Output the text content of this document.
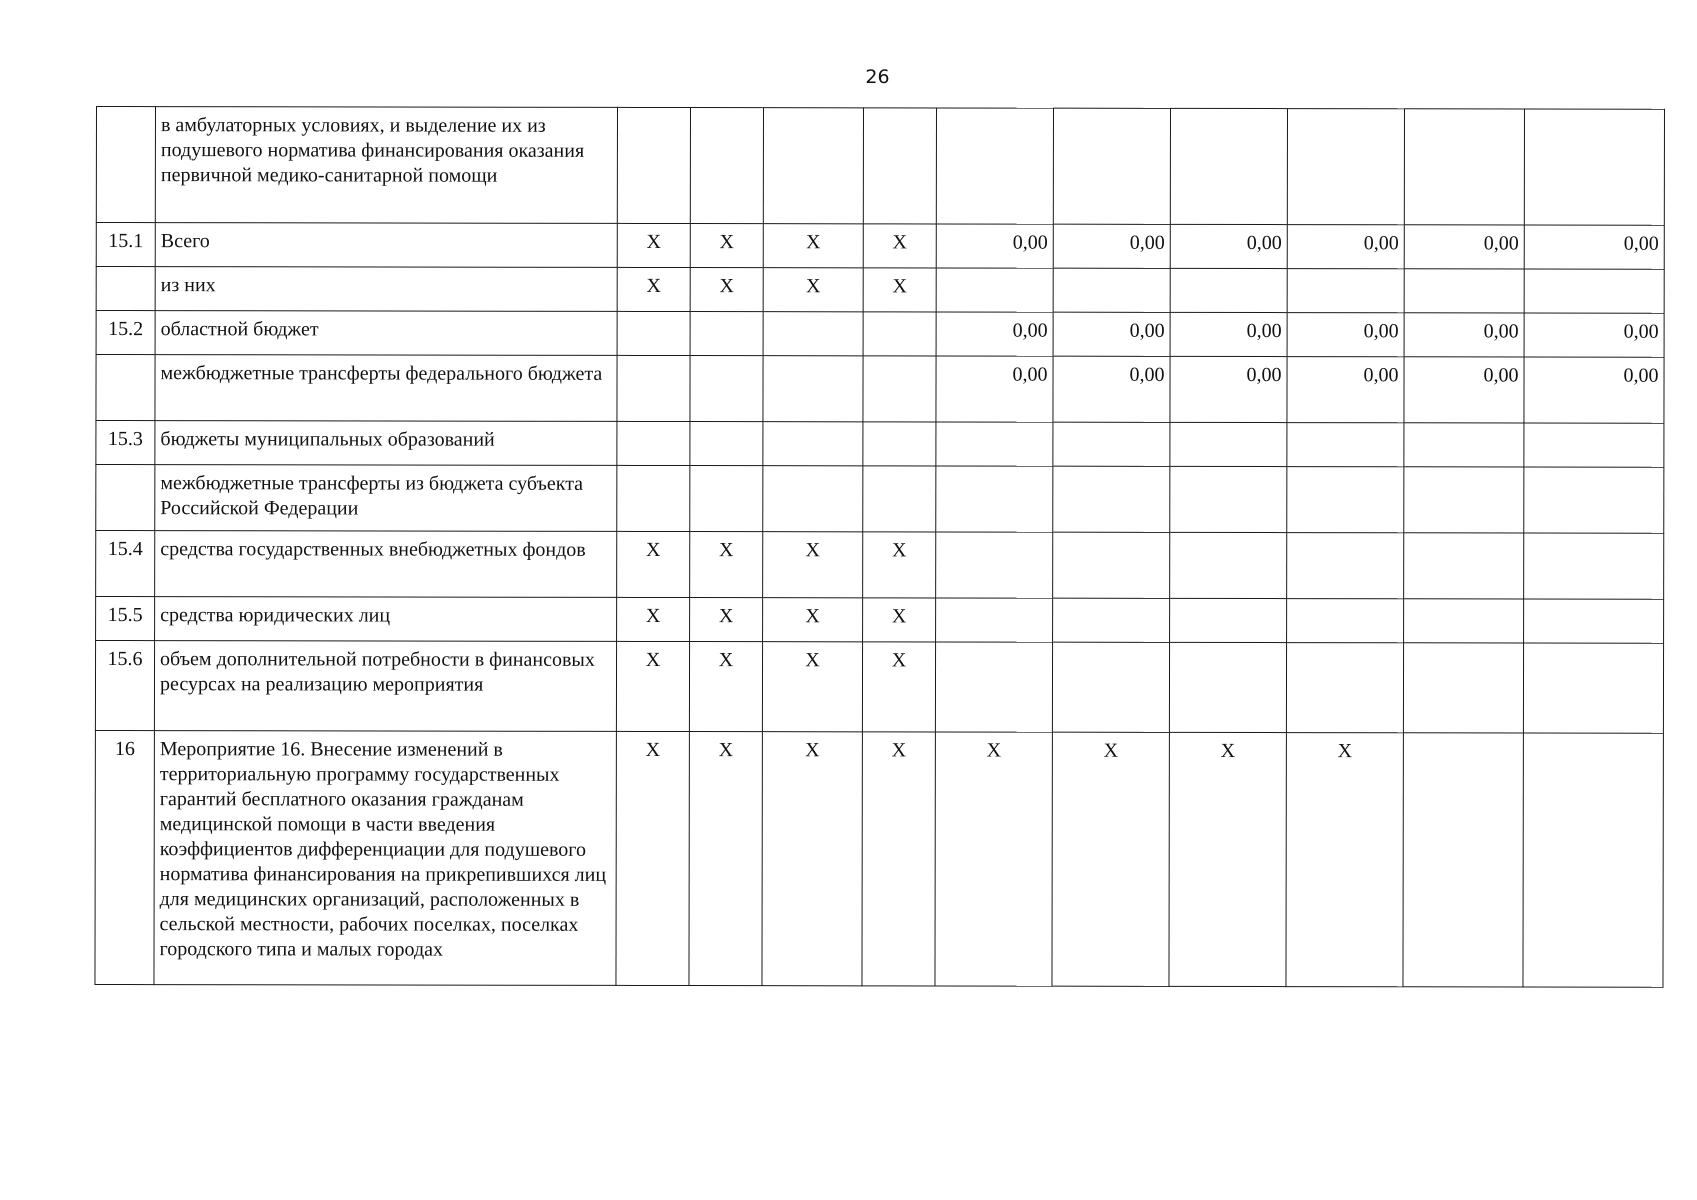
26
	в амбулаторных условиях, и выделение их из подушевого норматива финансирования оказания первичной медико-санитарной помощи										
15.1	Всего	Х	Х	Х	Х	0,00	0,00	0,00	0,00	0,00	0,00
	из них	Х	Х	Х	Х						
15.2	областной бюджет					0,00	0,00	0,00	0,00	0,00	0,00
	межбюджетные трансферты федерального бюджета					0,00	0,00	0,00	0,00	0,00	0,00
15.3	бюджеты муниципальных образований										
	межбюджетные трансферты из бюджета субъекта Российской Федерации										
15.4	средства государственных внебюджетных фондов	Х	Х	Х	Х						
15.5	средства юридических лиц	Х	Х	Х	Х						
15.6	объем дополнительной потребности в финансовых ресурсах на реализацию мероприятия	Х	Х	Х	Х						
16	Мероприятие 16. Внесение изменений в территориальную программу государственных гарантий бесплатного оказания гражданам медицинской помощи в части введения коэффициентов дифференциации для подушевого норматива финансирования на прикрепившихся лиц для медицинских организаций, расположенных в сельской местности, рабочих поселках, поселках городского типа и малых городах	Х	Х	Х	Х	Х	Х	Х	Х		
